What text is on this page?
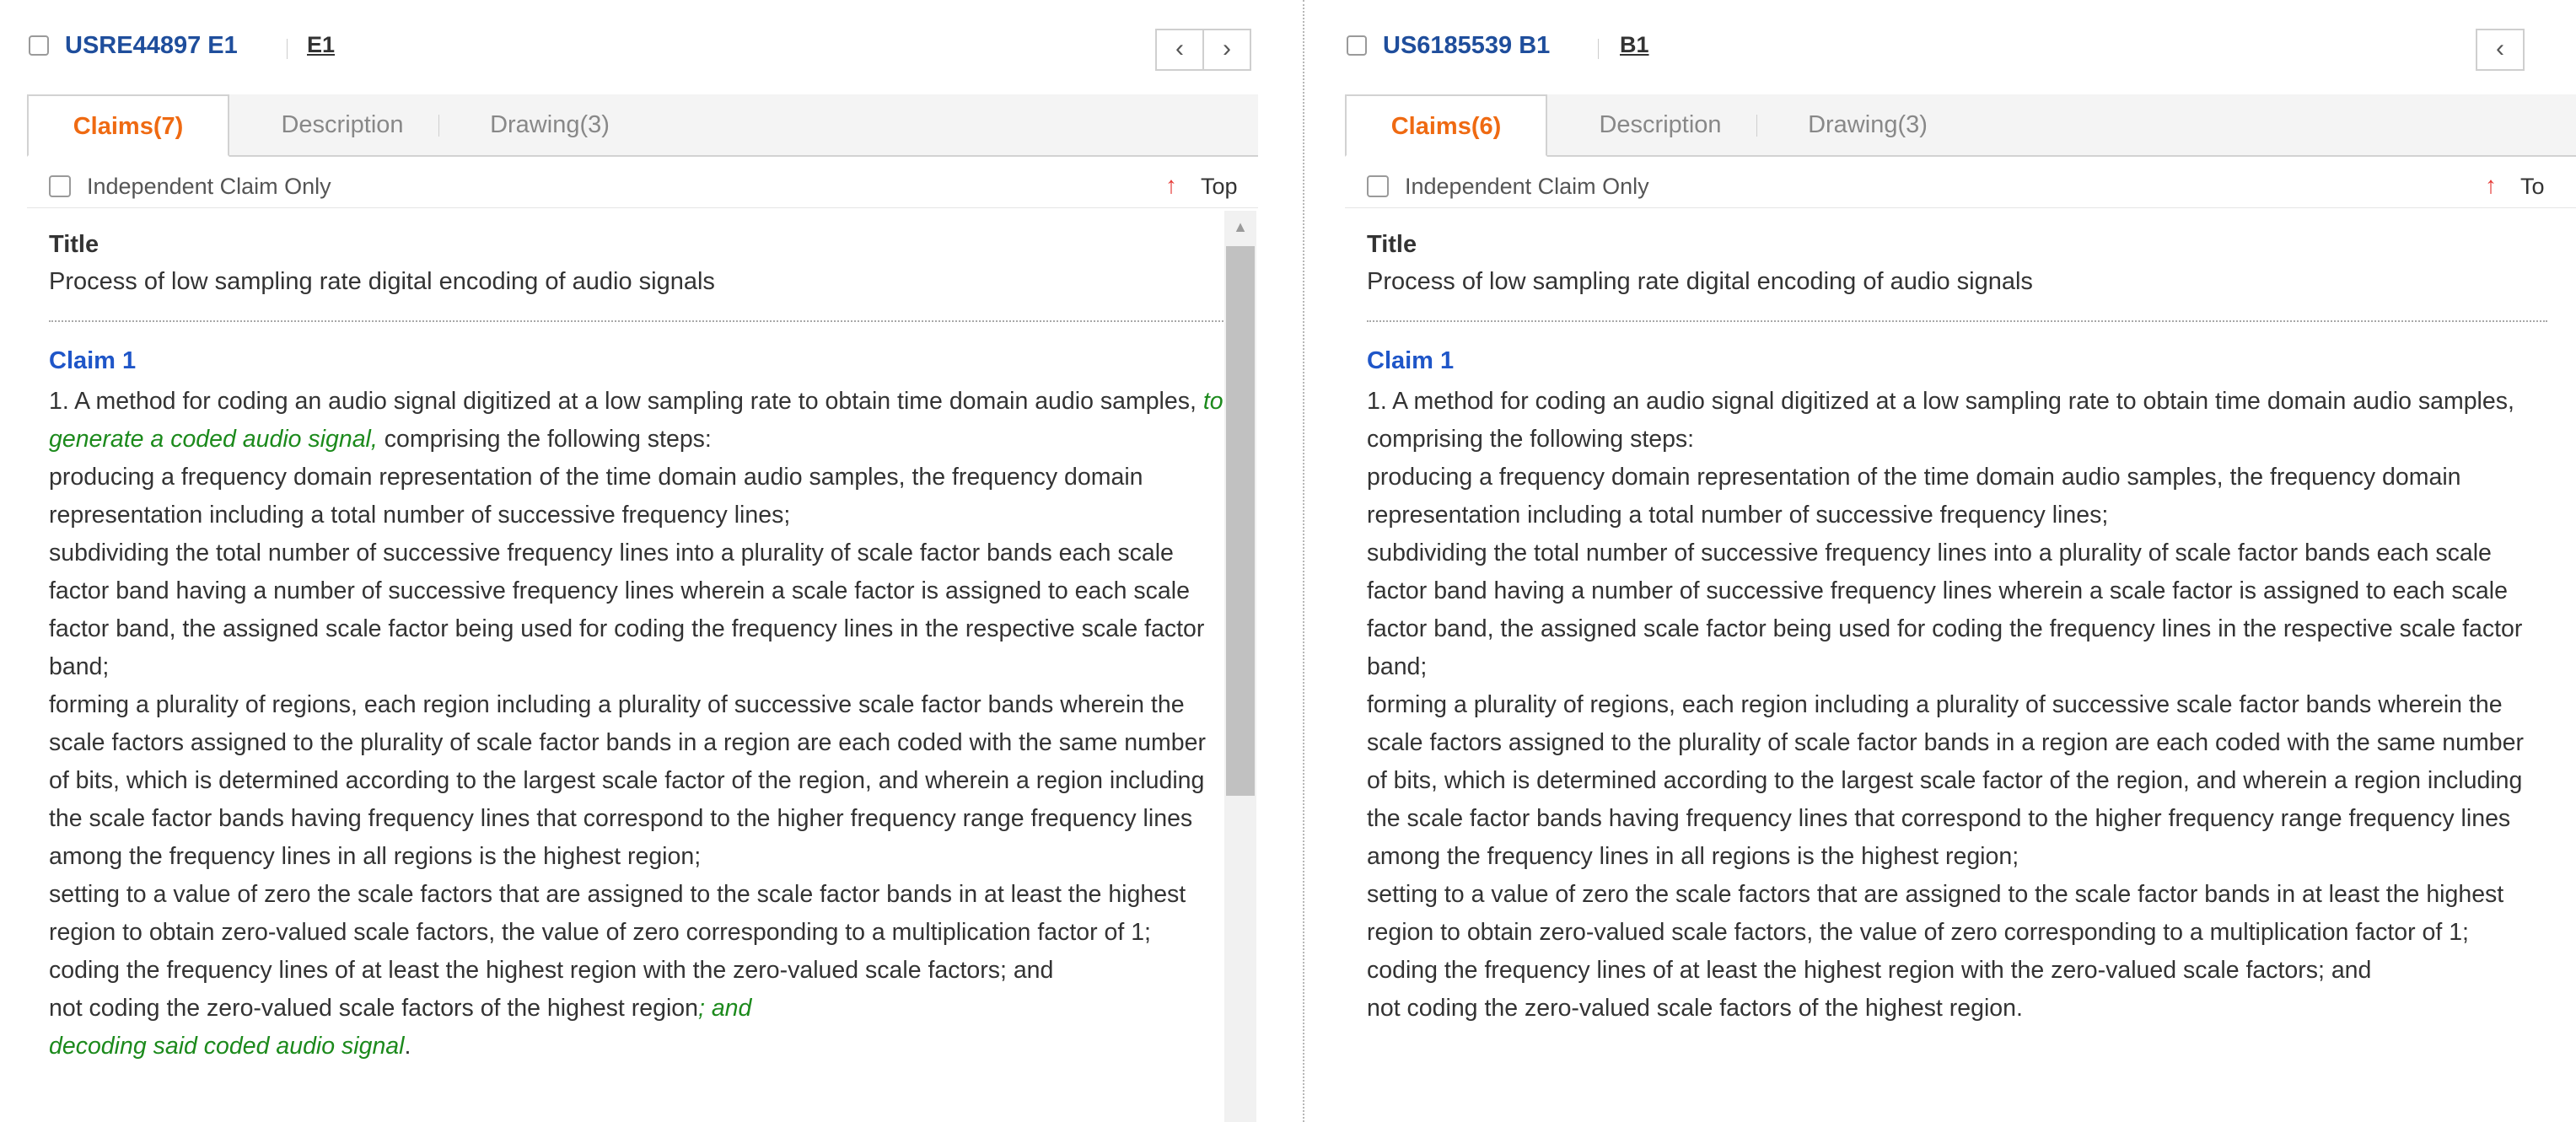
USRE44897 E1	E1	‹	›
Claims(7)	Description	Drawing(3)
Independent Claim Only	↑ Top
Title
Process of low sampling rate digital encoding of audio signals
Claim 1

1. A method for coding an audio signal digitized at a low sampling rate to obtain time domain audio samples, to generate a coded audio signal, comprising the following steps:

producing a frequency domain representation of the time domain audio samples, the frequency domain representation including a total number of successive frequency lines;

subdividing the total number of successive frequency lines into a plurality of scale factor bands each scale factor band having a number of successive frequency lines wherein a scale factor is assigned to each scale factor band, the assigned scale factor being used for coding the frequency lines in the respective scale factor band;

forming a plurality of regions, each region including a plurality of successive scale factor bands wherein the scale factors assigned to the plurality of scale factor bands in a region are each coded with the same number of bits, which is determined according to the largest scale factor of the region, and wherein a region including the scale factor bands having frequency lines that correspond to the higher frequency range frequency lines among the frequency lines in all regions is the highest region;

setting to a value of zero the scale factors that are assigned to the scale factor bands in at least the highest region to obtain zero-valued scale factors, the value of zero corresponding to a multiplication factor of 1;

coding the frequency lines of at least the highest region with the zero-valued scale factors; and

not coding the zero-valued scale factors of the highest region; and

decoding said coded audio signal.

▲
US6185539 B1	B1	‹
Claims(6)	Description	Drawing(3)
Independent Claim Only	↑ To
Title
Process of low sampling rate digital encoding of audio signals
Claim 1

1. A method for coding an audio signal digitized at a low sampling rate to obtain time domain audio samples, comprising the following steps:

producing a frequency domain representation of the time domain audio samples, the frequency domain representation including a total number of successive frequency lines;

subdividing the total number of successive frequency lines into a plurality of scale factor bands each scale factor band having a number of successive frequency lines wherein a scale factor is assigned to each scale factor band, the assigned scale factor being used for coding the frequency lines in the respective scale factor band;

forming a plurality of regions, each region including a plurality of successive scale factor bands wherein the scale factors assigned to the plurality of scale factor bands in a region are each coded with the same number of bits, which is determined according to the largest scale factor of the region, and wherein a region including the scale factor bands having frequency lines that correspond to the higher frequency range frequency lines among the frequency lines in all regions is the highest region;

setting to a value of zero the scale factors that are assigned to the scale factor bands in at least the highest region to obtain zero-valued scale factors, the value of zero corresponding to a multiplication factor of 1;

coding the frequency lines of at least the highest region with the zero-valued scale factors; and

not coding the zero-valued scale factors of the highest region.
